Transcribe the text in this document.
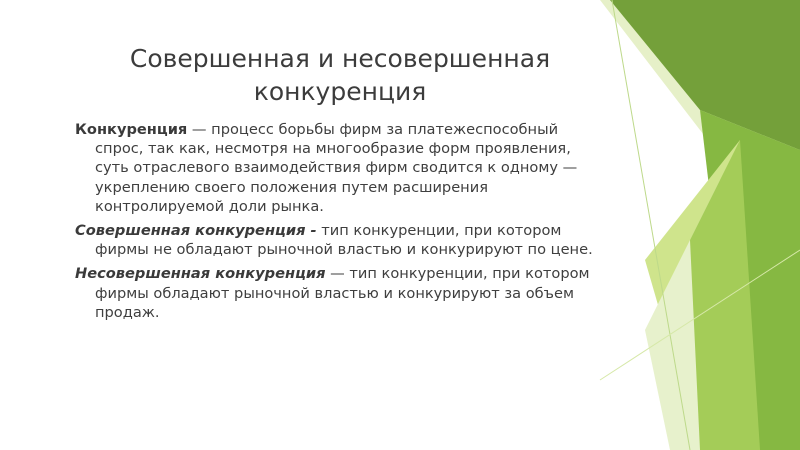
Совершенная и несовершенная
конкуренция

Конкуренция — процесс борьбы фирм за платежеспособный спрос, так как, несмотря на многообразие форм проявления, суть отраслевого взаимодействия фирм сводится к одному — укреплению своего положения путем расширения контролируемой доли рынка.

Совершенная конкуренция - тип конкуренции, при котором фирмы не обладают рыночной властью и конкурируют по цене.

Несовершенная конкуренция — тип конкуренции, при котором фирмы обладают рыночной властью и конкурируют за объем продаж.
